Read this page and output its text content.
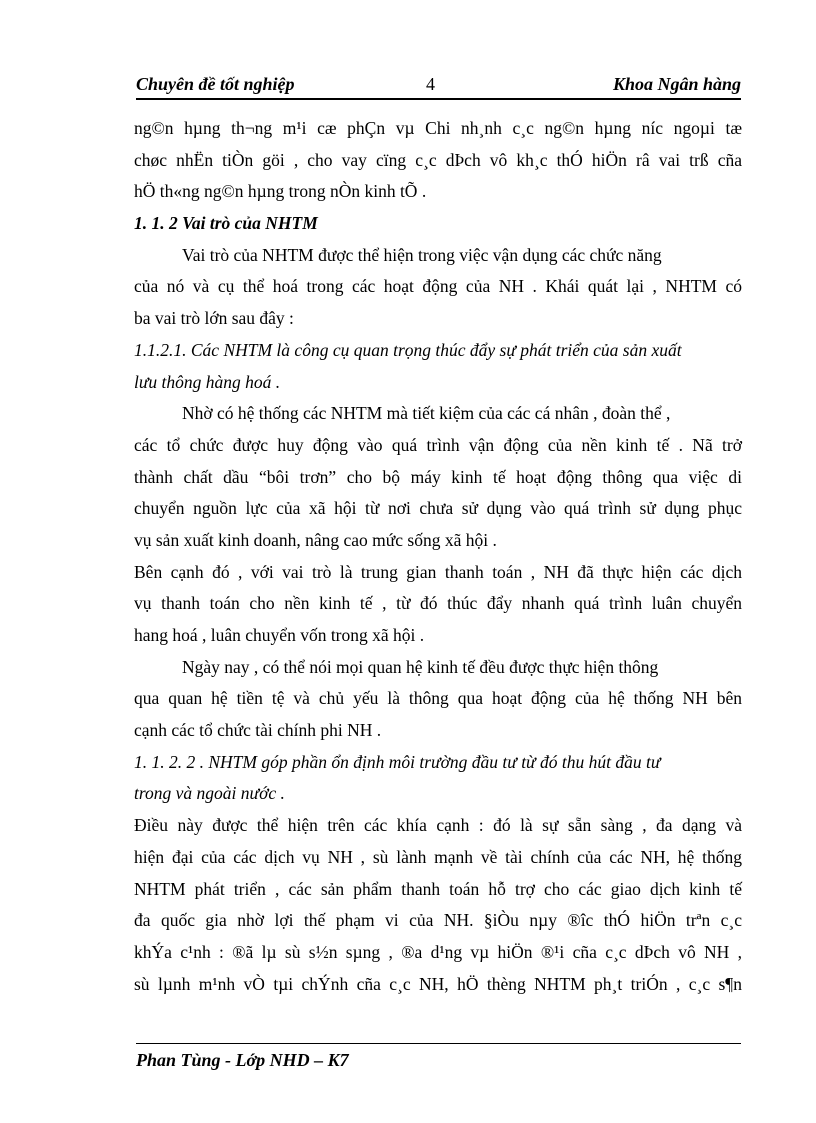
Chuyên đề tốt nghiệp	4	Khoa Ngân hàng
ng©n hµng th¬ng m¹i cæ phÇn vµ Chi nh¸nh c¸c ng©n hµng níc ngoµi tæ
chøc nhËn tiÒn göi , cho vay cïng c¸c dÞch vô kh¸c thÓ hiÖn râ vai trß cña
hÖ th«ng ng©n hµng trong nÒn kinh tÕ .
1. 1. 2 Vai trò của NHTM
Vai trò của NHTM được thể hiện trong việc vận dụng các chức năng
của nó và cụ thể hoá trong các hoạt động của NH . Khái quát lại , NHTM có
ba vai trò lớn sau đây :
1.1.2.1. Các NHTM là công cụ quan trọng thúc đẩy sự phát triển của sản xuất
lưu thông hàng hoá .
Nhờ có hệ thống các NHTM mà tiết kiệm của các cá nhân , đoàn thể ,
các tổ chức được huy động vào quá trình vận động của nền kinh tế . Nã trở
thành chất dầu “bôi trơn” cho bộ máy kinh tế hoạt động thông qua việc di
chuyển nguồn lực của xã hội từ nơi chưa sử dụng vào quá trình sử dụng phục
vụ sản xuất kinh doanh, nâng cao mức sống xã hội .
Bên cạnh đó , với vai trò là trung gian thanh toán , NH đã thực hiện các dịch
vụ thanh toán cho nền kinh tế , từ đó thúc đẩy nhanh quá trình luân chuyển
hang hoá , luân chuyển vốn trong xã hội .
Ngày nay , có thể nói mọi quan hệ kinh tế đều được thực hiện thông
qua quan hệ tiền tệ và chủ yếu là thông qua hoạt động của hệ thống NH bên
cạnh các tổ chức tài chính phi NH .
1. 1. 2. 2 . NHTM góp phần ổn định môi trường đầu tư từ đó thu hút đầu tư
trong và ngoài nước .
Điều này được thể hiện trên các khía cạnh : đó là sự sẵn sàng , đa dạng và
hiện đại của các dịch vụ NH , sù lành mạnh về tài chính của các NH, hệ thống
NHTM phát triển , các sản phẩm thanh toán hỗ trợ cho các giao dịch kinh tế
đa quốc gia nhờ lợi thế phạm vi của NH. §iÒu nµy ®îc thÓ hiÖn trªn c¸c
khÝa c¹nh : ®ã lµ sù s½n sµng , ®a d¹ng vµ hiÖn ®¹i cña c¸c dÞch vô NH ,
sù lµnh m¹nh vÒ tµi chÝnh cña c¸c NH, hÖ thèng NHTM ph¸t triÓn , c¸c s¶n
Phan Tùng - Lớp NHD – K7
